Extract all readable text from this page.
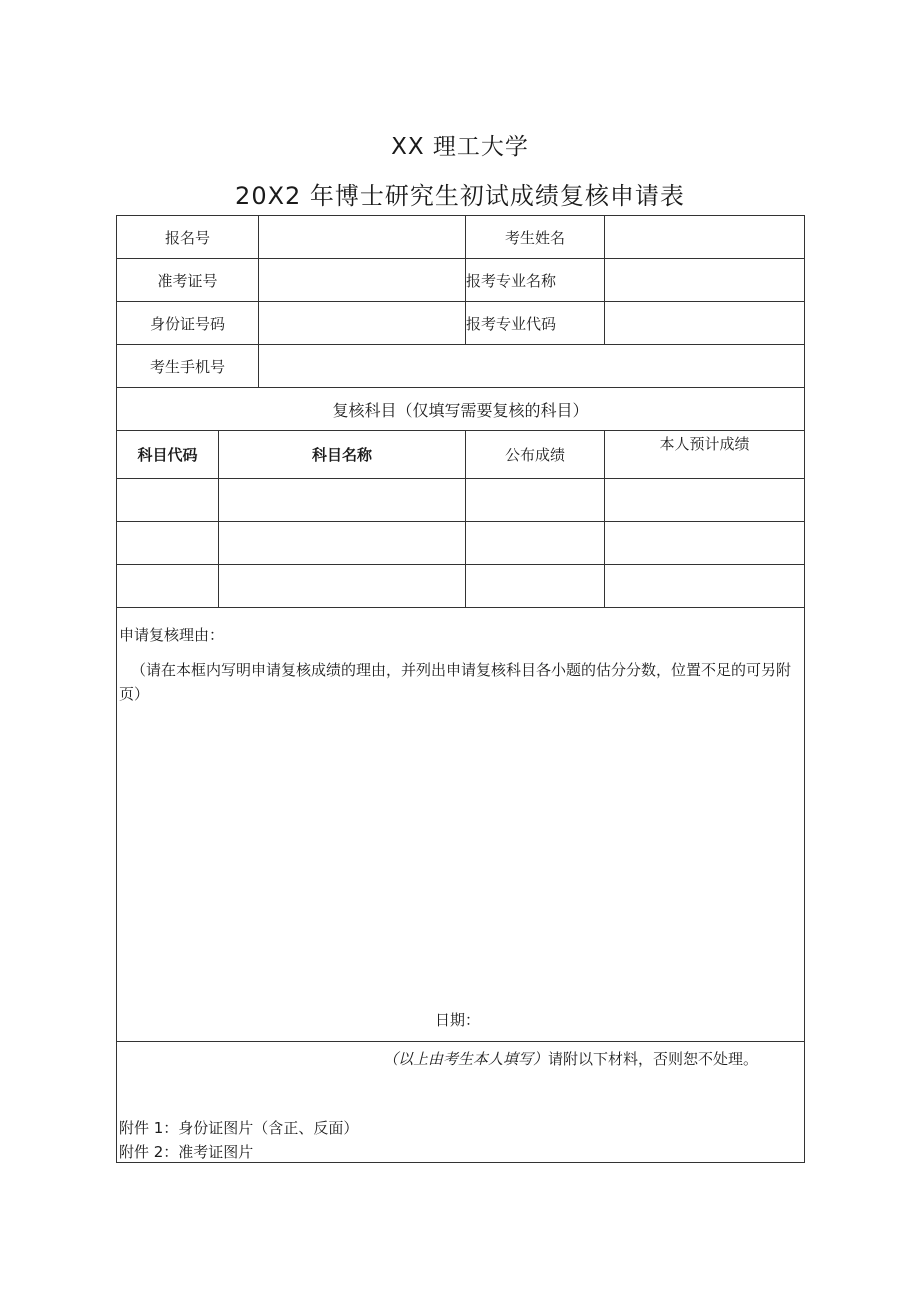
XX 理工大学
20X2 年博士研究生初试成绩复核申请表
报名号			考生姓名	
准考证号			报考专业名称	
身份证号码			报考专业代码	
考生手机号				
复核科目（仅填写需要复核的科目）				
科目代码	科目名称		公布成绩	本人预计成绩

申请复核理由：
（请在本框内写明申请复核成绩的理由，并列出申请复核科目各小题的估分分数，位置不足的可另附页）
日期：				

（以上由考生本人填写）请附以下材料，否则恕不处理。
附件 1：身份证图片（含正、反面）
附件 2：准考证图片				
